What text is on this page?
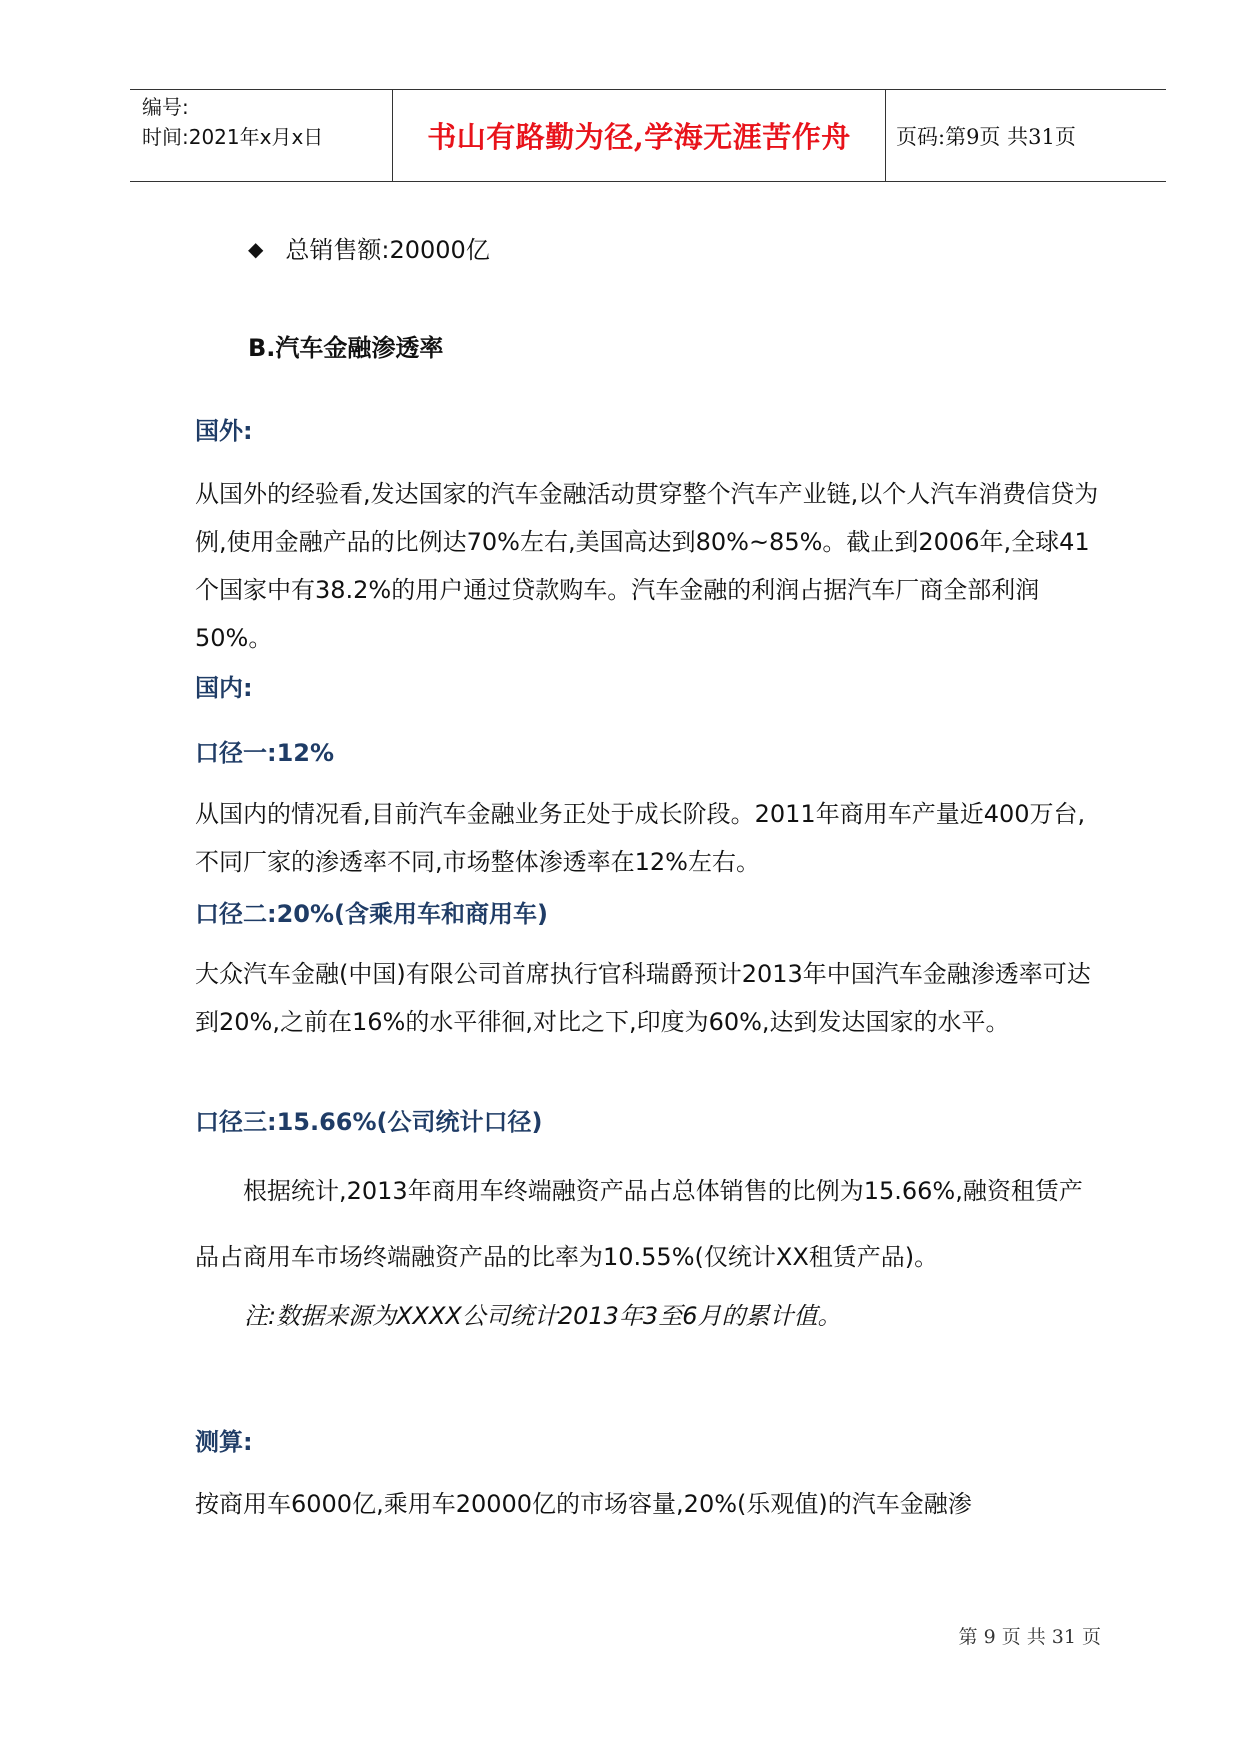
编号:
时间:2021年x月x日	书山有路勤为径,学海无涯苦作舟 页码:第9页 共31页
◆ 总销售额:20000亿
B.汽车金融渗透率
国外:
从国外的经验看,发达国家的汽车金融活动贯穿整个汽车产业链,以个人汽车消费信贷为例,使用金融产品的比例达70%左右,美国高达到80%~85%。截止到2006年,全球41个国家中有38.2%的用户通过贷款购车。汽车金融的利润占据汽车厂商全部利润50%。
国内:
口径一:12%
从国内的情况看,目前汽车金融业务正处于成长阶段。2011年商用车产量近400万台,不同厂家的渗透率不同,市场整体渗透率在12%左右。
口径二:20%(含乘用车和商用车)
大众汽车金融(中国)有限公司首席执行官科瑞爵预计2013年中国汽车金融渗透率可达到20%,之前在16%的水平徘徊,对比之下,印度为60%,达到发达国家的水平。
口径三:15.66%(公司统计口径)
根据统计,2013年商用车终端融资产品占总体销售的比例为15.66%,融资租赁产品占商用车市场终端融资产品的比率为10.55%(仅统计XX租赁产品)。
注:数据来源为XXXX公司统计2013年3至6月的累计值。
测算:
按商用车6000亿,乘用车20000亿的市场容量,20%(乐观值)的汽车金融渗
第 9 页 共 31 页
